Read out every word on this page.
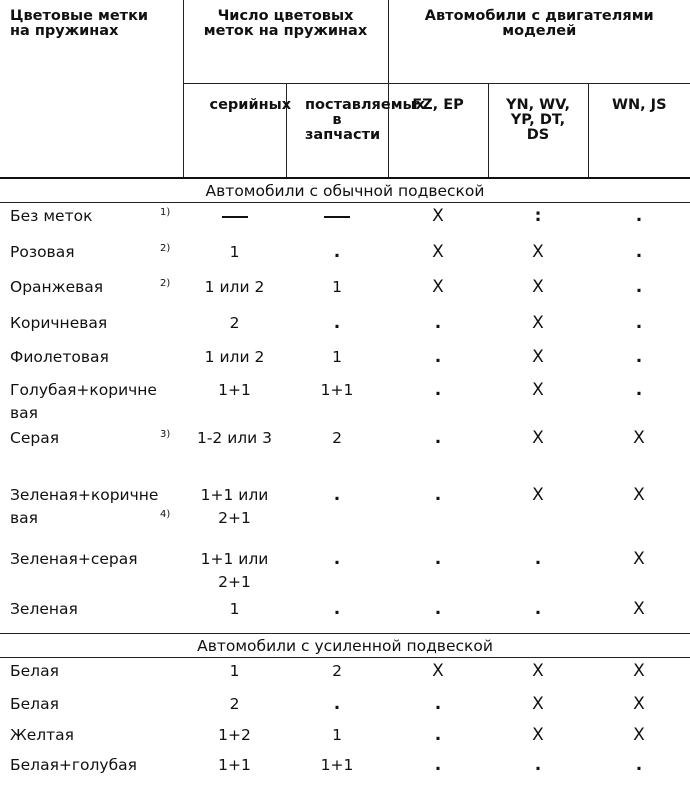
Цветовые метки на пружинах	Число цветовых меток на пружинах		Автомобили с двигателями моделей		
	серийных	поставляемых в запчасти	FZ, EP	YN, WV, YP, DT, DS	WN, JS
Автомобили с обычной подвеской					
Без меток $^{1)}$			X	:	.
Розовая $^{2)}$	1	.	X	X	.
Оранжевая $^{2)}$	1 или 2	1	X	X	.
Коричневая	2	.	.	X	.
Фиолетовая	1 или 2	1	.	X	.
Голубая+коричневая	1+1	1+1	.	X	.
Серая $^{3)}$	1-2 или 3	2	.	X	X
Зеленая+коричневая $^{4)}$	1+1 или 2+1	.	.	X	X
Зеленая+серая	1+1 или 2+1	.	.	.	X
Зеленая	1	.	.	.	X
Автомобили с усиленной подвеской					
Белая	1	2	X	X	X
Белая	2	.	.	X	X
Желтая	1+2	1	.	X	X
Белая+голубая	1+1	1+1	.	.	.
